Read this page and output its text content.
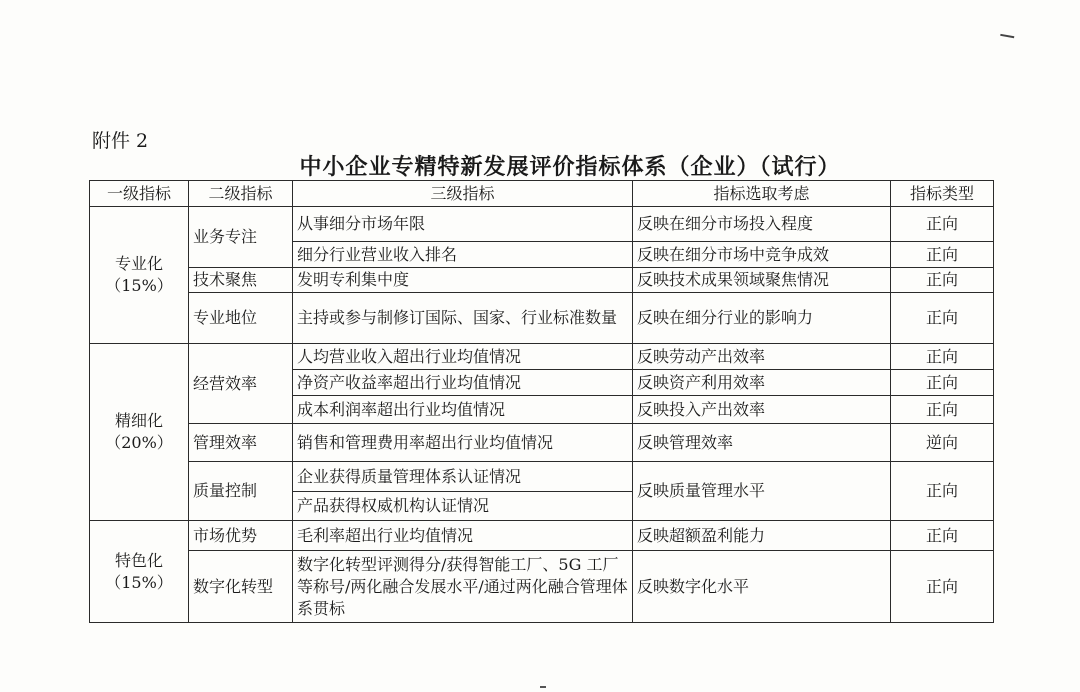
附件 2
中小企业专精特新发展评价指标体系（企业）（试行）
一级指标	二级指标	三级指标	指标选取考虑	指标类型

专业化
（15%）	业务专注	从事细分市场年限	反映在细分市场投入程度	正向
		细分行业营业收入排名	反映在细分市场中竞争成效	正向
	技术聚焦	发明专利集中度	反映技术成果领域聚焦情况	正向
	专业地位	主持或参与制修订国际、国家、行业标准数量	反映在细分行业的影响力	正向

精细化
（20%）	经营效率	人均营业收入超出行业均值情况	反映劳动产出效率	正向
		净资产收益率超出行业均值情况	反映资产利用效率	正向
		成本利润率超出行业均值情况	反映投入产出效率	正向
	管理效率	销售和管理费用率超出行业均值情况	反映管理效率	逆向
	质量控制	企业获得质量管理体系认证情况	反映质量管理水平	正向
		产品获得权威机构认证情况		

特色化
（15%）	市场优势	毛利率超出行业均值情况	反映超额盈利能力	正向
	数字化转型	数字化转型评测得分/获得智能工厂、5G 工厂等称号/两化融合发展水平/通过两化融合管理体系贯标	反映数字化水平	正向
